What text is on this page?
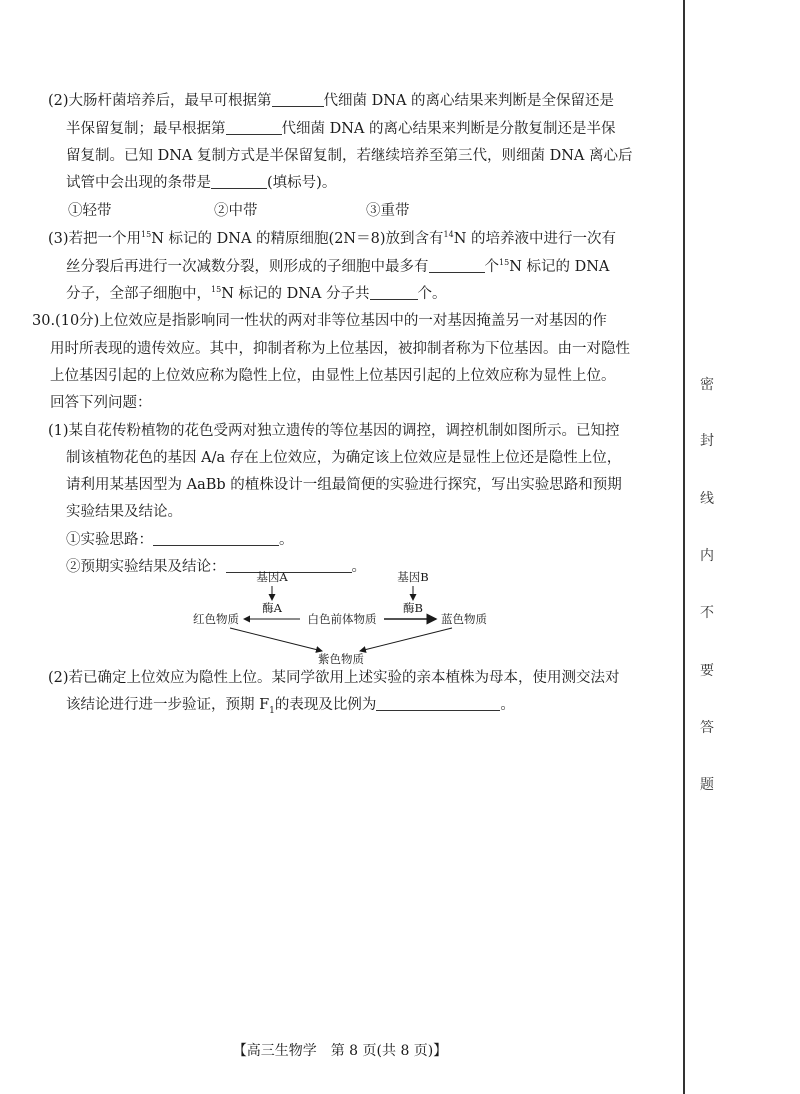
(2)大肠杆菌培养后，最早可根据第	代细菌 DNA 的离心结果来判断是全保留还是

半保留复制；最早根据第	代细菌 DNA 的离心结果来判断是分散复制还是半保

留复制。已知 DNA 复制方式是半保留复制，若继续培养至第三代，则细菌 DNA 离心后

试管中会出现的条带是	(填标号)。

①轻带	②中带	③重带

(3)若把一个用$^{15}$N 标记的 DNA 的精原细胞(2N＝8)放到含有$^{14}$N 的培养液中进行一次有

丝分裂后再进行一次减数分裂，则形成的子细胞中最多有	个$^{15}$N 标记的 DNA

分子，全部子细胞中，$^{15}$N 标记的 DNA 分子共	个。

30.(10分)上位效应是指影响同一性状的两对非等位基因中的一对基因掩盖另一对基因的作

用时所表现的遗传效应。其中，抑制者称为上位基因，被抑制者称为下位基因。由一对隐性

上位基因引起的上位效应称为隐性上位，由显性上位基因引起的上位效应称为显性上位。

回答下列问题：

(1)某自花传粉植物的花色受两对独立遗传的等位基因的调控，调控机制如图所示。已知控

制该植物花色的基因 A/a 存在上位效应，为确定该上位效应是显性上位还是隐性上位，

请利用某基因型为 AaBb 的植株设计一组最简便的实验进行探究，写出实验思路和预期

实验结果及结论。

①实验思路：	。

②预期实验结果及结论：	。

基因A
酶A
基因B
酶B
红色物质	白色前体物质	蓝色物质
紫色物质

(2)若已确定上位效应为隐性上位。某同学欲用上述实验的亲本植株为母本，使用测交法对

该结论进行进一步验证，预期 $F_1$的表现及比例为	。

密
封
线
内
不
要
答
题
【高三生物学　第 8 页(共 8 页)】
